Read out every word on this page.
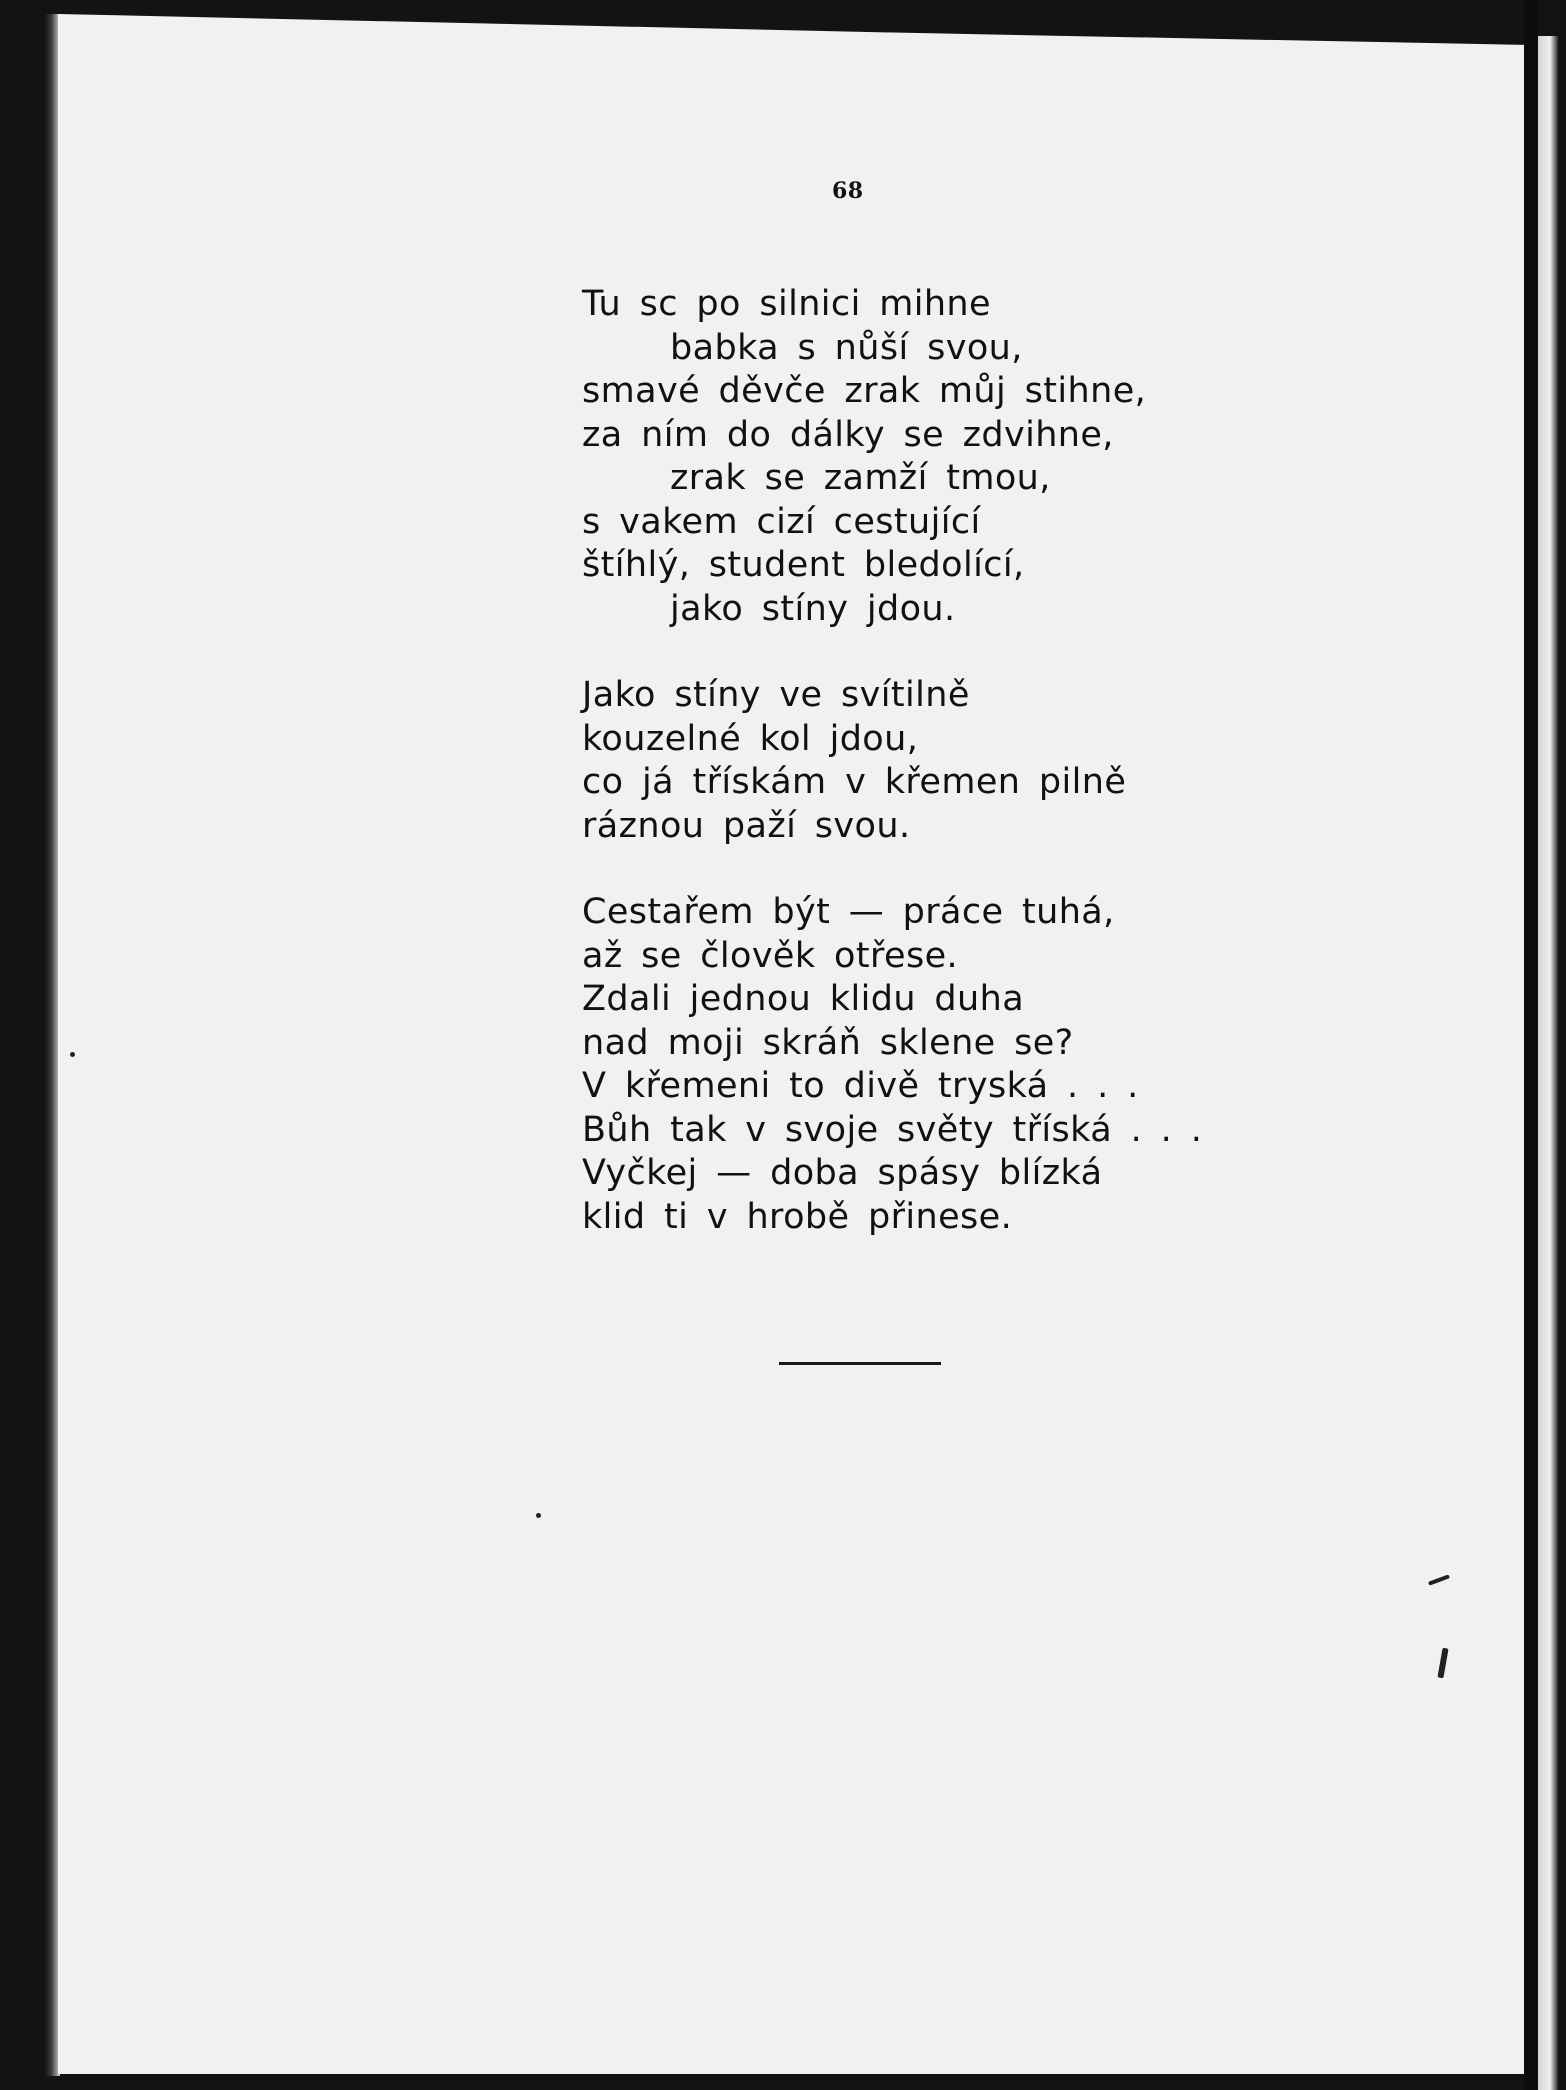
68
Tu sc po silnici mihne
babka s nůší svou,
smavé děvče zrak můj stihne,
za ním do dálky se zdvihne,
zrak se zamží tmou,
s vakem cizí cestující
štíhlý, student bledolící,
jako stíny jdou.
Jako stíny ve svítilně
kouzelné kol jdou,
co já třískám v křemen pilně
ráznou paží svou.
Cestařem být — práce tuhá,
až se člověk otřese.
Zdali jednou klidu duha
nad moji skráň sklene se?
V křemeni to divě tryská . . .
Bůh tak v svoje světy tříská . . .
Vyčkej — doba spásy blízká
klid ti v hrobě přinese.
